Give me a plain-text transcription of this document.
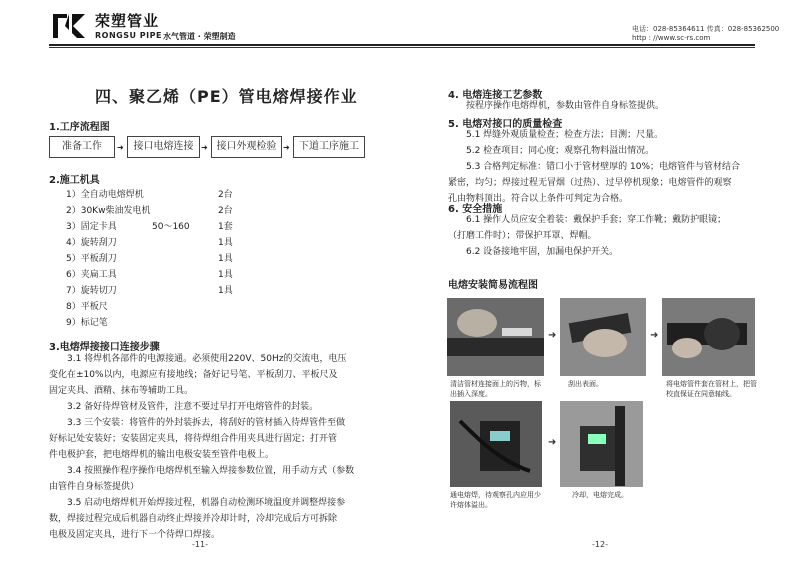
荣塑管业
RONGSU PIPE 水气管道 · 荣塑制造
电话：028-85364611 传真：028-85362500
http : //www.sc-rs.com
四、聚乙烯（PE）管电熔焊接作业
1.工序流程图
准备工作	➜ 接口电熔连接 ➜ 接口外观检验 ➜ 下道工序施工
2.施工机具
1）全自动电熔焊机	2台
2）30Kw柴油发电机	2台
3）固定卡具	50～160	1套
4）旋转刮刀	1具
5）平板刮刀	1具
6）夹扁工具	1具
7）旋转切刀	1具
8）平板尺
9）标记笔
3.电熔焊接接口连接步骤
3.1 将焊机各部件的电源接通。必须使用220V、50Hz的交流电，电压
变化在±10%以内，电源应有接地线；备好记号笔、平板刮刀、平板尺及
固定夹具、酒精、抹布等辅助工具。
3.2 备好待焊管材及管件，注意不要过早打开电熔管件的封装。
3.3 三个安装：将管件的外封装拆去，将刮好的管材插入待焊管件至做
好标记处安装好；安装固定夹具，将待焊组合件用夹具进行固定；打开管
件电极护套，把电熔焊机的输出电极安装至管件电极上。
3.4 按照操作程序操作电熔焊机至输入焊接参数位置，用手动方式（参数
由管件自身标签提供）
3.5 启动电熔焊机开始焊接过程，机器自动检测环境温度并调整焊接参
数，焊接过程完成后机器自动终止焊接并冷却计时，冷却完成后方可拆除
电极及固定夹具，进行下一个待焊口焊接。
-11-
4. 电熔连接工艺参数
按程序操作电熔焊机，参数由管件自身标签提供。
5. 电熔对接口的质量检查
5.1 焊缝外观质量检查；检查方法；目测；尺量。
5.2 检查项目；同心度；观察孔物料溢出情况。
5.3 合格判定标准：错口小于管材壁厚的 10%；电熔管件与管材结合
紧密，均匀；焊接过程无冒烟（过热）、过早停机现象；电熔管件的观察
孔由物料顶出。符合以上条件可判定为合格。
6. 安全措施
6.1 操作人员应安全着装：戴保护手套；穿工作靴；戴防护眼镜；
（打磨工件时）；带保护耳罩、焊帽。
6.2 设备接地牢固，加漏电保护开关。
电熔安装简易流程图
➜	➜
清洁管材连接面上的污物，标出插入深度。
刮出表面。	将电熔管件套在管材上，把管校直保证在同意轴线。
➜
通电熔焊，待观察孔内应用少许熔体溢出。
冷却，电熔完成。
-12-
